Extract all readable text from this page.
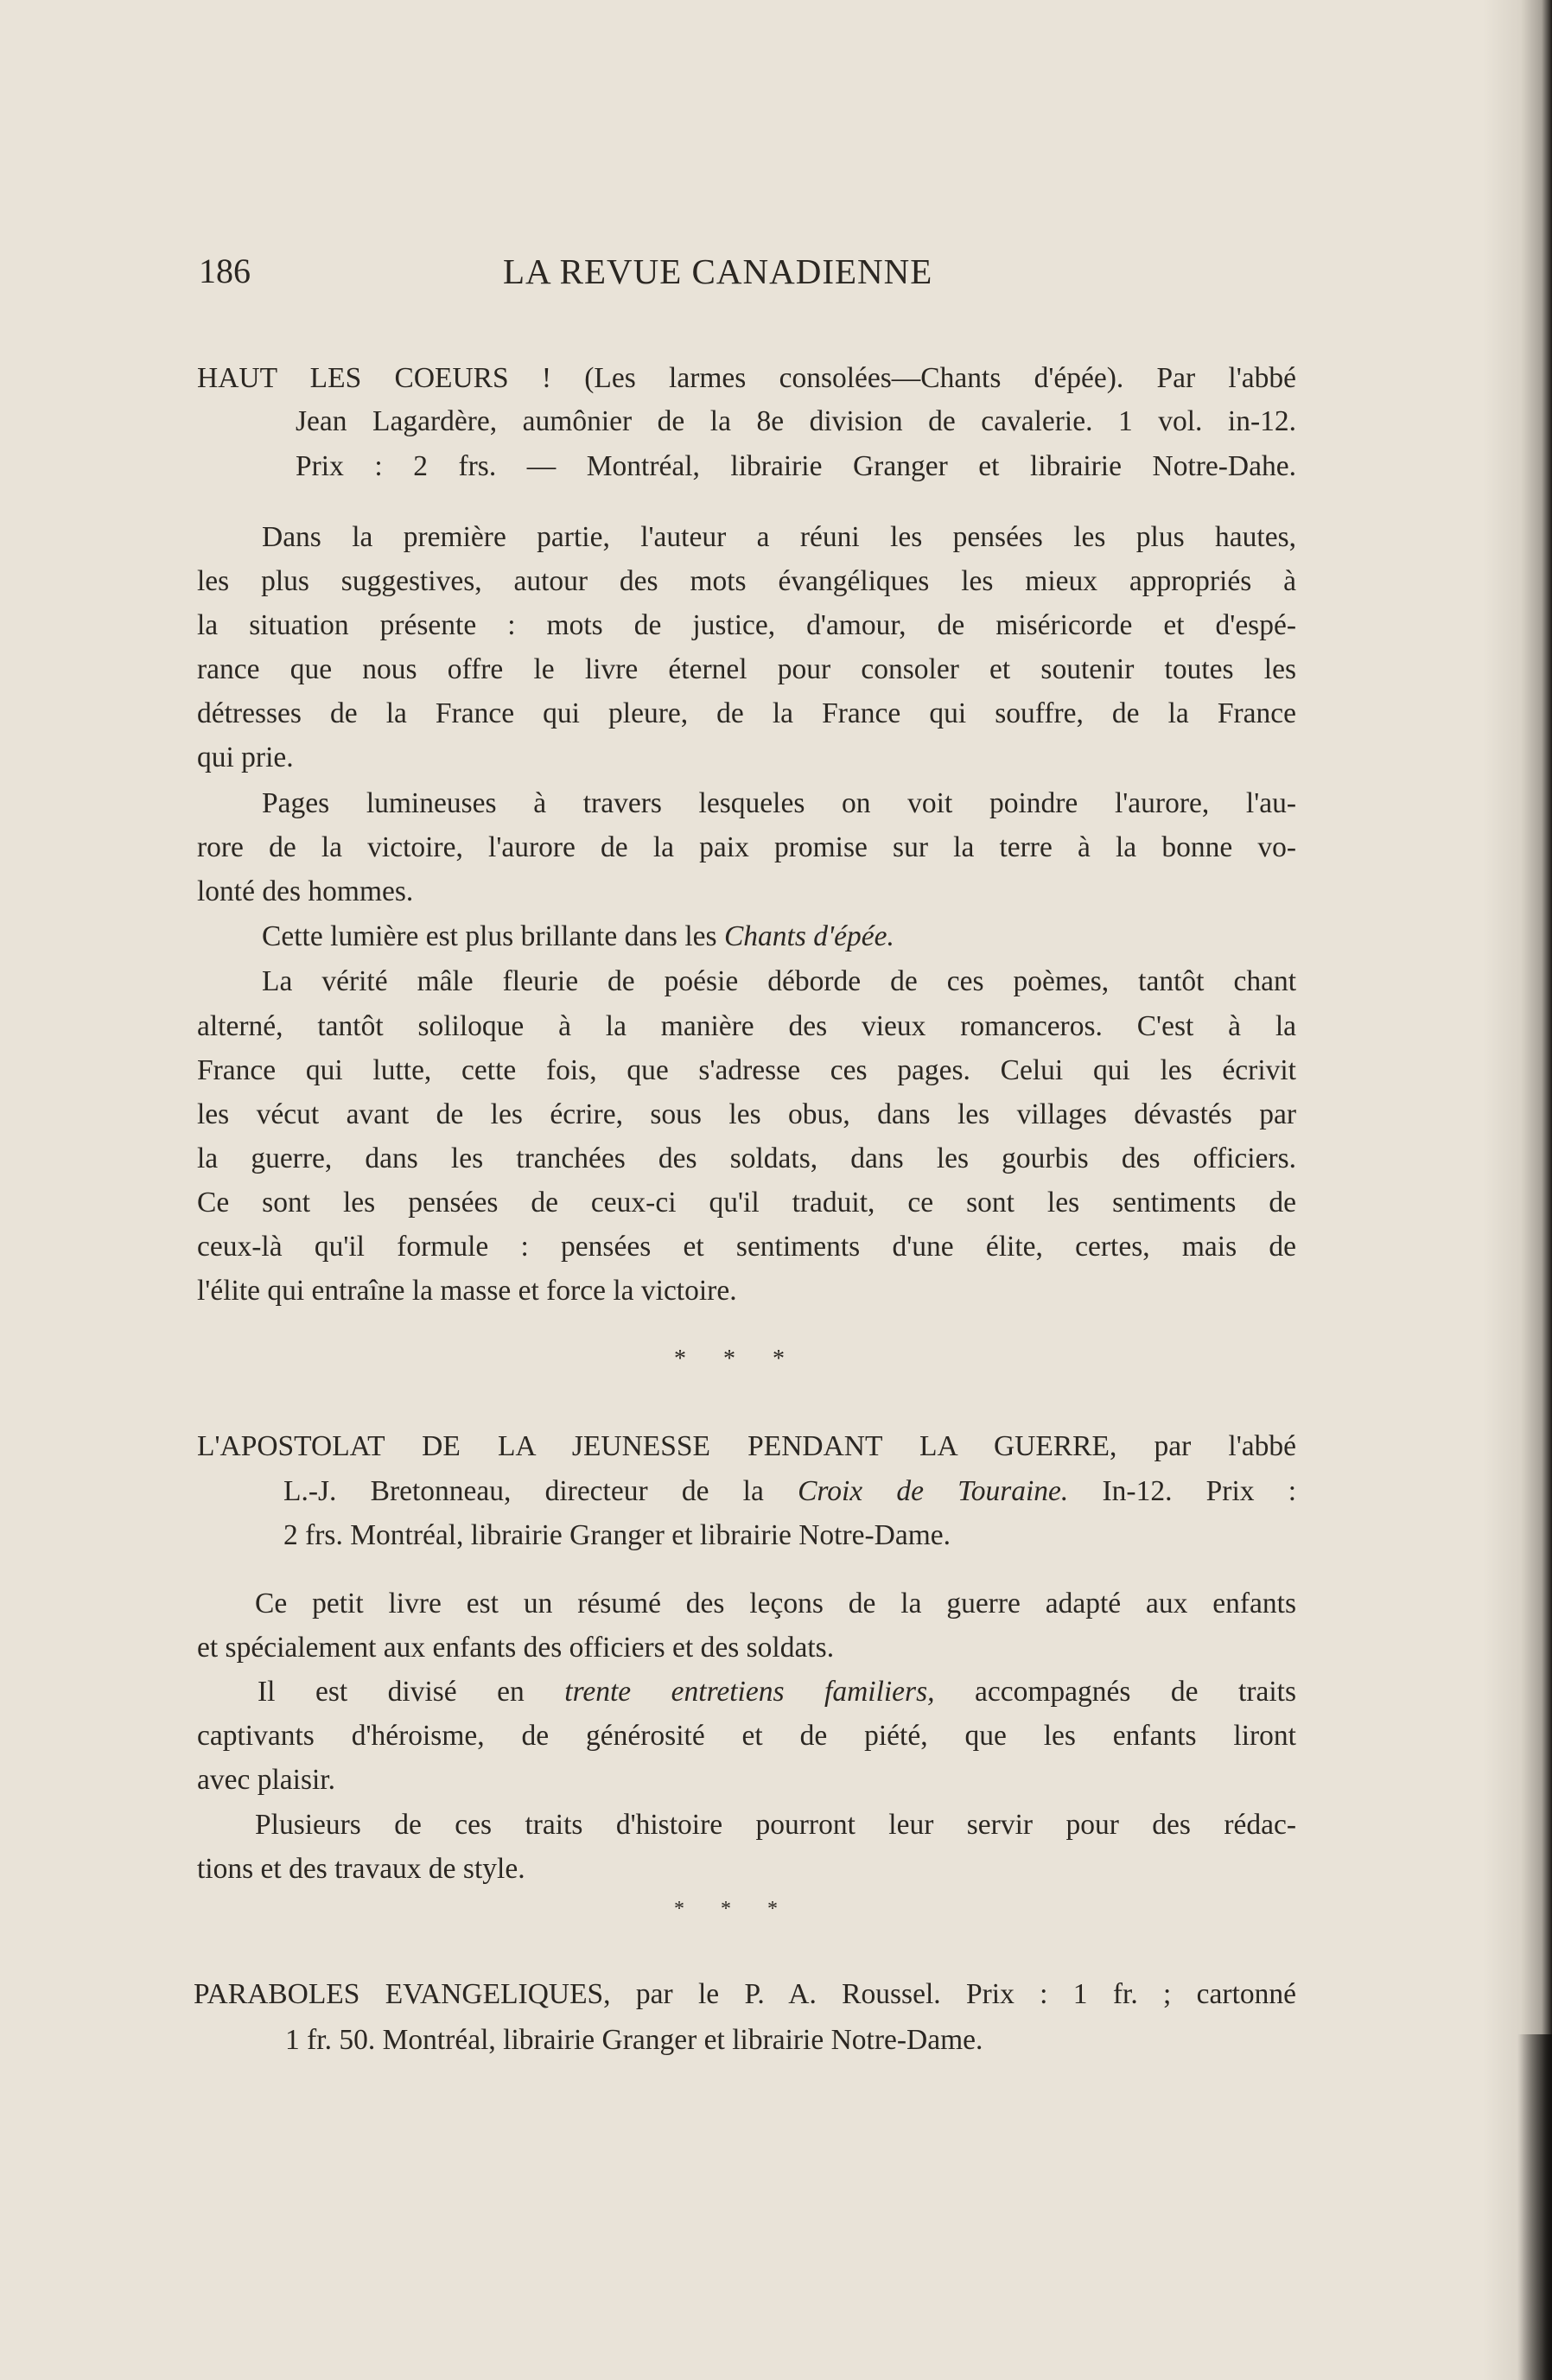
186	LA REVUE CANADIENNE
HAUT LES COEURS ! (Les larmes consolées—Chants d'épée). Par l'abbé
Jean Lagardère, aumônier de la 8e division de cavalerie. 1 vol. in-12.
Prix : 2 frs. — Montréal, librairie Granger et librairie Notre-Dahe.
Dans la première partie, l'auteur a réuni les pensées les plus hautes,
les plus suggestives, autour des mots évangéliques les mieux appropriés à
la situation présente : mots de justice, d'amour, de miséricorde et d'espé-
rance que nous offre le livre éternel pour consoler et soutenir toutes les
détresses de la France qui pleure, de la France qui souffre, de la France
qui prie.
Pages lumineuses à travers lesqueles on voit poindre l'aurore, l'au-
rore de la victoire, l'aurore de la paix promise sur la terre à la bonne vo-
lonté des hommes.
Cette lumière est plus brillante dans les Chants d'épée.
La vérité mâle fleurie de poésie déborde de ces poèmes, tantôt chant
alterné, tantôt soliloque à la manière des vieux romanceros. C'est à la
France qui lutte, cette fois, que s'adresse ces pages. Celui qui les écrivit
les vécut avant de les écrire, sous les obus, dans les villages dévastés par
la guerre, dans les tranchées des soldats, dans les gourbis des officiers.
Ce sont les pensées de ceux-ci qu'il traduit, ce sont les sentiments de
ceux-là qu'il formule : pensées et sentiments d'une élite, certes, mais de
l'élite qui entraîne la masse et force la victoire.
* * *
L'APOSTOLAT DE LA JEUNESSE PENDANT LA GUERRE, par l'abbé
L.-J. Bretonneau, directeur de la Croix de Touraine. In-12. Prix :
2 frs. Montréal, librairie Granger et librairie Notre-Dame.
Ce petit livre est un résumé des leçons de la guerre adapté aux enfants
et spécialement aux enfants des officiers et des soldats.
Il est divisé en trente entretiens familiers, accompagnés de traits
captivants d'héroisme, de générosité et de piété, que les enfants liront
avec plaisir.
Plusieurs de ces traits d'histoire pourront leur servir pour des rédac-
tions et des travaux de style.
* * *
PARABOLES EVANGELIQUES, par le P. A. Roussel. Prix : 1 fr. ; cartonné
1 fr. 50. Montréal, librairie Granger et librairie Notre-Dame.
